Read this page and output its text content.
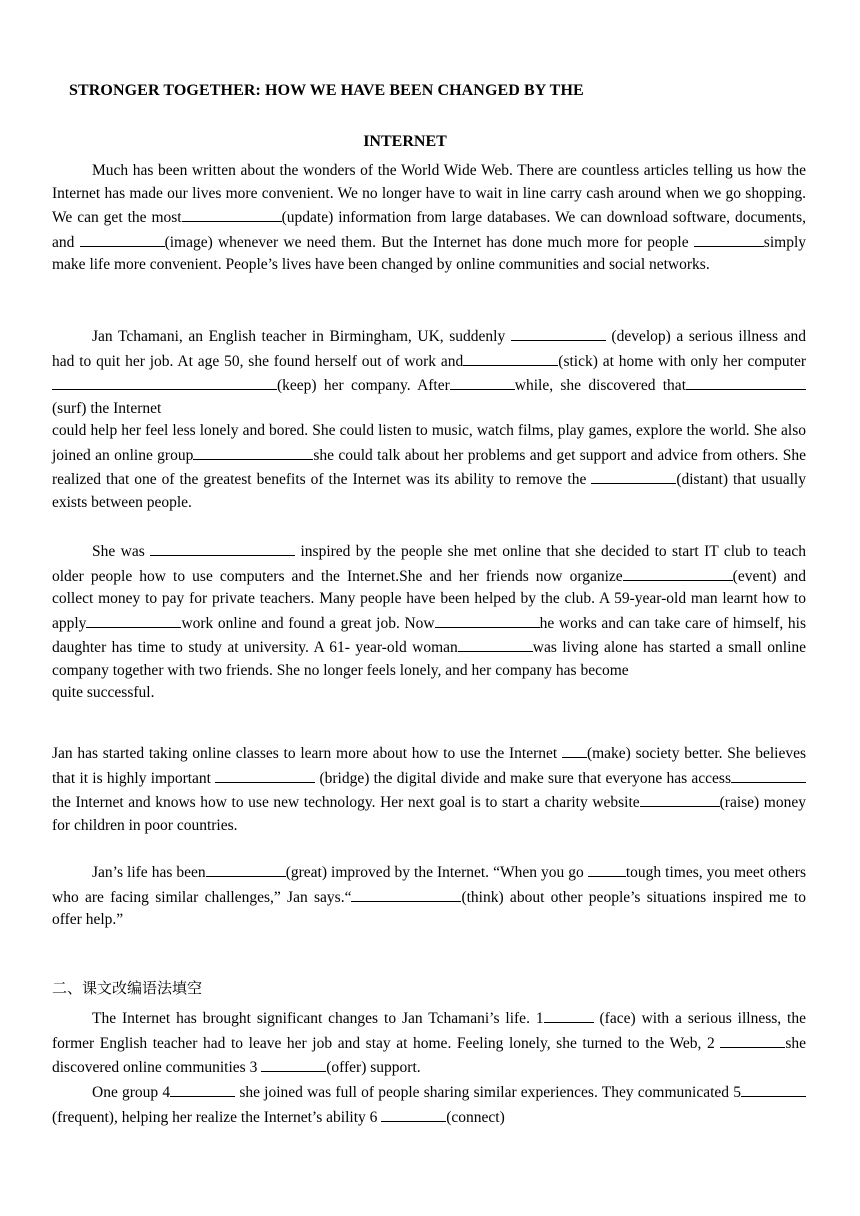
STRONGER TOGETHER: HOW WE HAVE BEEN CHANGED BY THE
INTERNET

Much has been written about the wonders of the World Wide Web. There are countless articles telling us how the Internet has made our lives more convenient. We no longer have to wait in line carry cash around when we go shopping. We can get the most	(update) information from large databases. We can download software, documents, and	(image) whenever we need them. But the Internet has done much more for people	simply make life more convenient. People’s lives have been changed by online communities and social networks.

Jan Tchamani, an English teacher in Birmingham, UK, suddenly	(develop) a serious illness and had to quit her job. At age 50, she found herself out of work and	(stick) at home with only her computer(keep) her company. After	while, she discovered that(surf) the Internet

could help her feel less lonely and bored. She could listen to music, watch films, play games, explore the world. She also joined an online group	she could talk about her problems and get support and advice from others. She realized that one of the greatest benefits of the Internet was its ability to remove the	(distant) that usually exists between people.

She was	inspired by the people she met online that she decided to start IT club to teach older people how to use computers and the Internet.She and her friends now organize	(event) and collect money to pay for private teachers. Many people have been helped by the club. A 59-year-old man learnt how to apply	work online and found a great job. Now	he works and can take care of himself, his daughter has time to study at university. A 61- year-old woman	was living alone has started a small online company together with two friends. She no longer feels lonely, and her company has become
quite successful.

Jan has started taking online classes to learn more about how to use the Internet (make) society better. She believes that it is highly important	(bridge) the digital divide and make sure that everyone has accessthe Internet and knows how to use new technology. Her next goal is to start a charity website	(raise) money for children in poor countries.

Jan’s life has been	(great) improved by the Internet. “When you go tough times, you meet others who are facing similar challenges,” Jan says.“	(think) about other people’s situations inspired me to offer help.”

二、课文改编语法填空

The Internet has brought significant changes to Jan Tchamani’s life. 1	(face) with a serious illness, the former English teacher had to leave her job and stay at home. Feeling lonely, she turned to the Web, 2	she discovered online communities 3	(offer) support.

One group 4	she joined was full of people sharing similar experiences. They communicated 5 (frequent), helping her realize the Internet’s ability 6	(connect)
